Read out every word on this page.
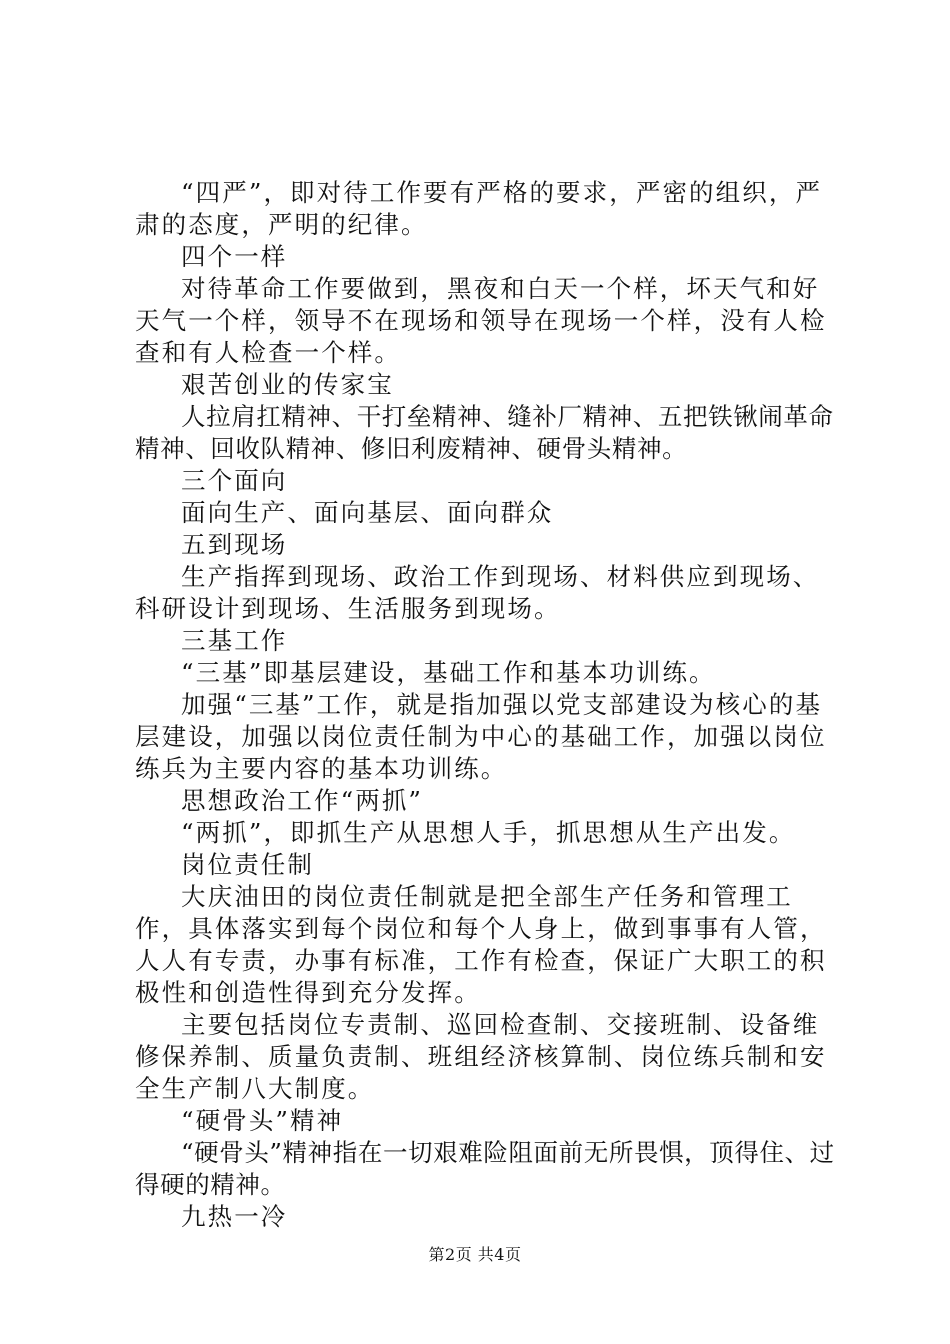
“四严”，即对待工作要有严格的要求，严密的组织，严肃的态度，严明的纪律。

四个一样

对待革命工作要做到，黑夜和白天一个样，坏天气和好天气一个样，领导不在现场和领导在现场一个样，没有人检查和有人检查一个样。

艰苦创业的传家宝

人拉肩扛精神、干打垒精神、缝补厂精神、五把铁锹闹革命精神、回收队精神、修旧利废精神、硬骨头精神。

三个面向

面向生产、面向基层、面向群众

五到现场

生产指挥到现场、政治工作到现场、材料供应到现场、科研设计到现场、生活服务到现场。

三基工作

“三基”即基层建设，基础工作和基本功训练。

加强“三基”工作，就是指加强以党支部建设为核心的基层建设，加强以岗位责任制为中心的基础工作，加强以岗位练兵为主要内容的基本功训练。

思想政治工作“两抓”

“两抓”，即抓生产从思想人手，抓思想从生产出发。

岗位责任制

大庆油田的岗位责任制就是把全部生产任务和管理工作，具体落实到每个岗位和每个人身上，做到事事有人管，人人有专责，办事有标准，工作有检查，保证广大职工的积极性和创造性得到充分发挥。

主要包括岗位专责制、巡回检查制、交接班制、设备维修保养制、质量负责制、班组经济核算制、岗位练兵制和安全生产制八大制度。

“硬骨头”精神

“硬骨头”精神指在一切艰难险阻面前无所畏惧，顶得住、过得硬的精神。

九热一冷

第2页 共4页
